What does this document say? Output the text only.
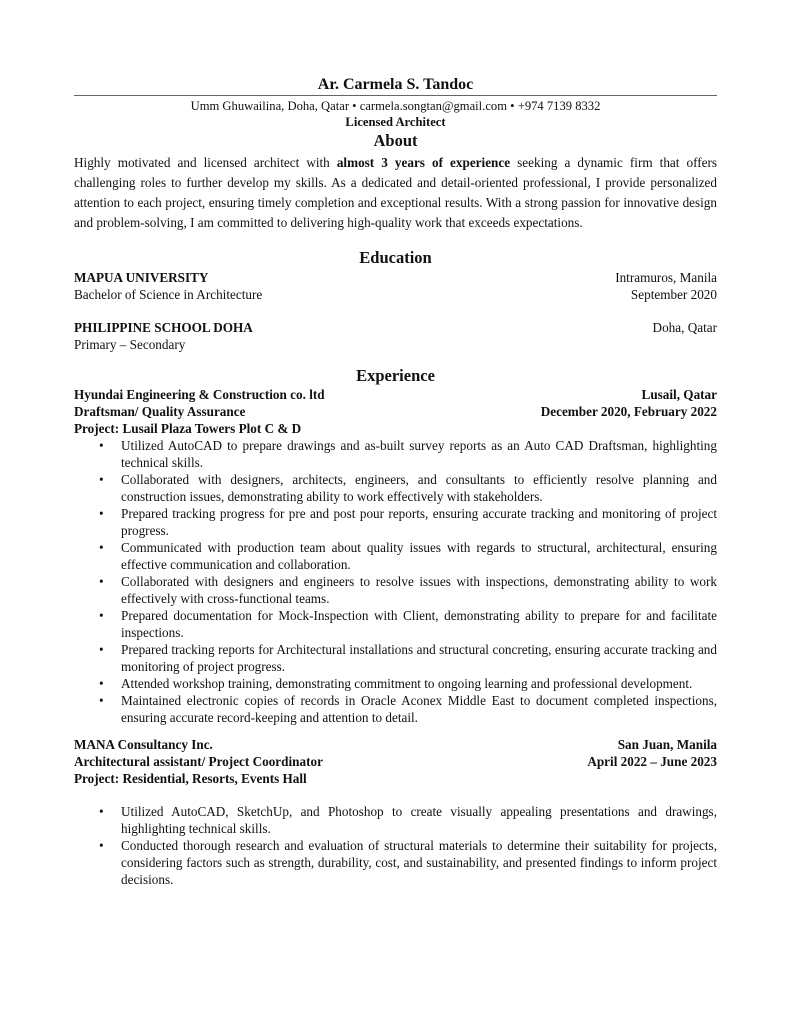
Ar. Carmela S. Tandoc
Umm Ghuwailina, Doha, Qatar • carmela.songtan@gmail.com • +974 7139 8332
Licensed Architect
About
Highly motivated and licensed architect with almost 3 years of experience seeking a dynamic firm that offers challenging roles to further develop my skills. As a dedicated and detail-oriented professional, I provide personalized attention to each project, ensuring timely completion and exceptional results. With a strong passion for innovative design and problem-solving, I am committed to delivering high-quality work that exceeds expectations.
Education
MAPUA UNIVERSITY	Intramuros, Manila
Bachelor of Science in Architecture	September 2020
PHILIPPINE SCHOOL DOHA	Doha, Qatar
Primary – Secondary
Experience
Hyundai Engineering & Construction co. ltd	Lusail, Qatar
Draftsman/ Quality Assurance	December 2020, February 2022
Project: Lusail Plaza Towers Plot C & D
• Utilized AutoCAD to prepare drawings and as-built survey reports as an Auto CAD Draftsman, highlighting technical skills.
• Collaborated with designers, architects, engineers, and consultants to efficiently resolve planning and construction issues, demonstrating ability to work effectively with stakeholders.
• Prepared tracking progress for pre and post pour reports, ensuring accurate tracking and monitoring of project progress.
• Communicated with production team about quality issues with regards to structural, architectural, ensuring effective communication and collaboration.
• Collaborated with designers and engineers to resolve issues with inspections, demonstrating ability to work effectively with cross-functional teams.
• Prepared documentation for Mock-Inspection with Client, demonstrating ability to prepare for and facilitate inspections.
• Prepared tracking reports for Architectural installations and structural concreting, ensuring accurate tracking and monitoring of project progress.
• Attended workshop training, demonstrating commitment to ongoing learning and professional development.
• Maintained electronic copies of records in Oracle Aconex Middle East to document completed inspections, ensuring accurate record-keeping and attention to detail.
MANA Consultancy Inc.	San Juan, Manila
Architectural assistant/ Project Coordinator	April 2022 – June 2023
Project: Residential, Resorts, Events Hall
• Utilized AutoCAD, SketchUp, and Photoshop to create visually appealing presentations and drawings, highlighting technical skills.
• Conducted thorough research and evaluation of structural materials to determine their suitability for projects, considering factors such as strength, durability, cost, and sustainability, and presented findings to inform project decisions.
